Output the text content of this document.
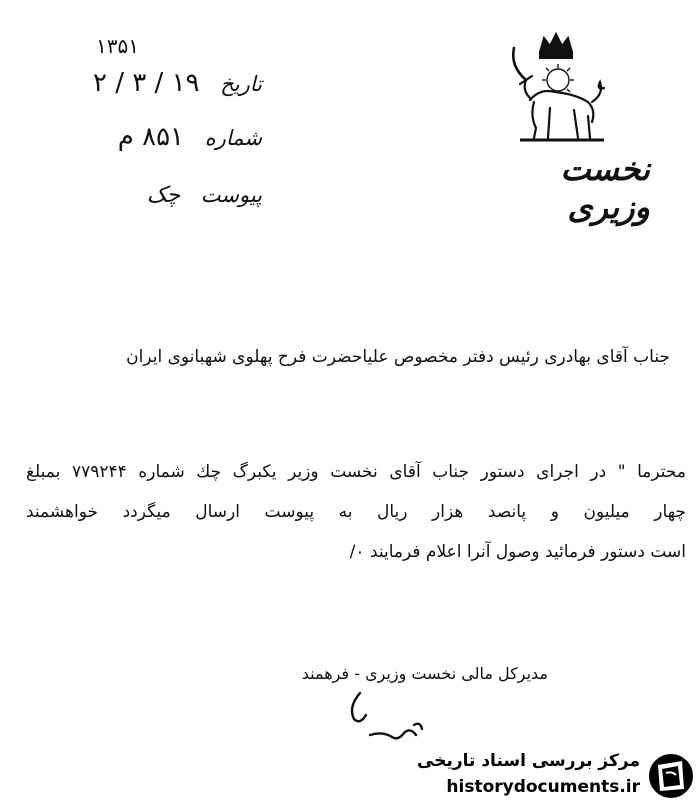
۱۳۵۱
تاریخ ۱۹ / ۳ / ۲
شماره ۸۵۱ م
پیوست چک
نخست وزیری
جناب آقای بهادری رئیس دفتر مخصوص علیاحضرت فرح پهلوی شهبانوی ایران
محترما " در اجرای دستور جناب آقای نخست وزیر یکبرگ چك شماره ۷۷۹۲۴۴ بمبلغ
چهار میلیون و پانصد هزار ریال به پیوست ارسال میگردد خواهشمند
است دستور فرمائید وصول آنرا اعلام فرمایند ۰/
مدیرکل مالی نخست وزیری - فرهمند
مرکز بررسی اسناد تاریخی
historydocuments.ir
